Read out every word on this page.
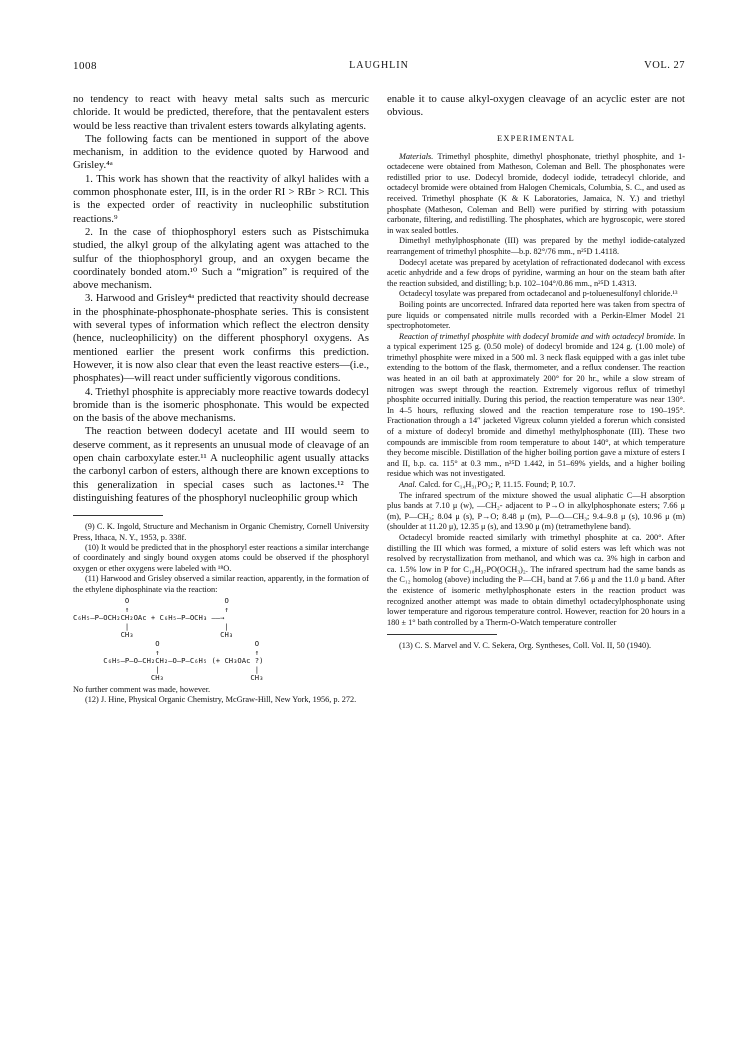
1008	LAUGHLIN	VOL. 27

no tendency to react with heavy metal salts such as mercuric chloride. It would be predicted, therefore, that the pentavalent esters would be less reactive than trivalent esters towards alkylating agents.

The following facts can be mentioned in support of the above mechanism, in addition to the evidence quoted by Harwood and Grisley.⁴ᵃ

1. This work has shown that the reactivity of alkyl halides with a common phosphonate ester, III, is in the order RI > RBr > RCl. This is the expected order of reactivity in nucleophilic substitution reactions.⁹

2. In the case of thiophosphoryl esters such as Pistschimuka studied, the alkyl group of the alkylating agent was attached to the sulfur of the thiophosphoryl group, and an oxygen became the coordinately bonded atom.¹⁰ Such a “migration” is required of the above mechanism.

3. Harwood and Grisley⁴ᵃ predicted that reactivity should decrease in the phosphinate-phosphonate-phosphate series. This is consistent with several types of information which reflect the electron density (hence, nucleophilicity) on the different phosphoryl oxygens. As mentioned earlier the present work confirms this prediction. However, it is now also clear that even the least reactive esters—(i.e., phosphates)—will react under sufficiently vigorous conditions.

4. Triethyl phosphite is appreciably more reactive towards dodecyl bromide than is the isomeric phosphonate. This would be expected on the basis of the above mechanisms.

The reaction between dodecyl acetate and III would seem to deserve comment, as it represents an unusual mode of cleavage of an open chain carboxylate ester.¹¹ A nucleophilic agent usually attacks the carbonyl carbon of esters, although there are known exceptions to this generalization in special cases such as lactones.¹² The distinguishing features of the phosphoryl nucleophilic group which

(9) C. K. Ingold, Structure and Mechanism in Organic Chemistry, Cornell University Press, Ithaca, N. Y., 1953, p. 338f.

(10) It would be predicted that in the phosphoryl ester reactions a similar interchange of coordinately and singly bound oxygen atoms could be observed if the phosphoryl oxygen or ether oxygens were labeled with ¹⁸O.

(11) Harwood and Grisley observed a similar reaction, apparently, in the formation of the ethylene diphosphinate via the reaction:

O                      O
↑                      ↑
C₆H₅—P—OCH₂CH₂OAc + C₆H₅—P—OCH₃ ——→
|                      |
CH₃                    CH₃
O                      O
↑                      ↑
C₆H₅—P—O—CH₂CH₂—O—P—C₆H₅ (+ CH₃OAc ?)
|                      |
CH₃                    CH₃

No further comment was made, however.

(12) J. Hine, Physical Organic Chemistry, McGraw-Hill, New York, 1956, p. 272.

enable it to cause alkyl-oxygen cleavage of an acyclic ester are not obvious.

EXPERIMENTAL

Materials. Trimethyl phosphite, dimethyl phosphonate, triethyl phosphite, and 1-octadecene were obtained from Matheson, Coleman and Bell. The phosphonates were redistilled prior to use. Dodecyl bromide, dodecyl iodide, tetradecyl chloride, and octadecyl bromide were obtained from Halogen Chemicals, Columbia, S. C., and used as received. Trimethyl phosphate (K & K Laboratories, Jamaica, N. Y.) and triethyl phosphate (Matheson, Coleman and Bell) were purified by stirring with potassium carbonate, filtering, and redistilling. The phosphates, which are hygroscopic, were stored in wax sealed bottles.

Dimethyl methylphosphonate (III) was prepared by the methyl iodide-catalyzed rearrangement of trimethyl phosphite—b.p. 82°/76 mm., n²⁵D 1.4118.

Dodecyl acetate was prepared by acetylation of refractionated dodecanol with excess acetic anhydride and a few drops of pyridine, warming an hour on the steam bath after the reaction subsided, and distilling; b.p. 102–104°/0.86 mm., n²⁵D 1.4313.

Octadecyl tosylate was prepared from octadecanol and p-toluenesulfonyl chloride.¹³

Boiling points are uncorrected. Infrared data reported here was taken from spectra of pure liquids or compensated nitrile mulls recorded with a Perkin-Elmer Model 21 spectrophotometer.

Reaction of trimethyl phosphite with dodecyl bromide and with octadecyl bromide. In a typical experiment 125 g. (0.50 mole) of dodecyl bromide and 124 g. (1.00 mole) of trimethyl phosphite were mixed in a 500 ml. 3 neck flask equipped with a gas inlet tube extending to the bottom of the flask, thermometer, and a reflux condenser. The reaction was heated in an oil bath at approximately 200° for 20 hr., while a slow stream of nitrogen was swept through the reaction. Extremely vigorous reflux of trimethyl phosphite occurred initially. During this period, the reaction temperature was near 130°. In 4–5 hours, refluxing slowed and the reaction temperature rose to 190–195°. Fractionation through a 14″ jacketed Vigreux column yielded a forerun which consisted of a mixture of dodecyl bromide and dimethyl methylphosphonate (III). These two compounds are immiscible from room temperature to about 140°, at which temperature they become miscible. Distillation of the higher boiling portion gave a mixture of esters I and II, b.p. ca. 115° at 0.3 mm., n²⁵D 1.442, in 51–69% yields, and a higher boiling residue which was not investigated.

Anal. Calcd. for C₁₄H₃₁PO₃; P, 11.15. Found; P, 10.7.

The infrared spectrum of the mixture showed the usual aliphatic C—H absorption plus bands at 7.10 μ (w), —CH₂- adjacent to P→O in alkylphosphonate esters; 7.66 μ (m), P—CH₃; 8.04 μ (s), P→O; 8.48 μ (m), P—O—CH₃; 9.4–9.8 μ (s), 10.96 μ (m) (shoulder at 11.20 μ), 12.35 μ (s), and 13.90 μ (m) (tetramethylene band).

Octadecyl bromide reacted similarly with trimethyl phosphite at ca. 200°. After distilling the III which was formed, a mixture of solid esters was left which was not resolved by recrystallization from methanol, and which was ca. 3% high in carbon and ca. 1.5% low in P for C₁₈H₃₇PO(OCH₃)₂. The infrared spectrum had the same bands as the C₁₂ homolog (above) including the P—CH₃ band at 7.66 μ and the 11.0 μ band. After the existence of isomeric methylphosphonate esters in the reaction product was recognized another attempt was made to obtain dimethyl octadecylphosphonate using lower temperature and rigorous temperature control. However, reaction for 20 hours in a 180 ± 1° bath controlled by a Therm-O-Watch temperature controller

(13) C. S. Marvel and V. C. Sekera, Org. Syntheses, Coll. Vol. II, 50 (1940).
